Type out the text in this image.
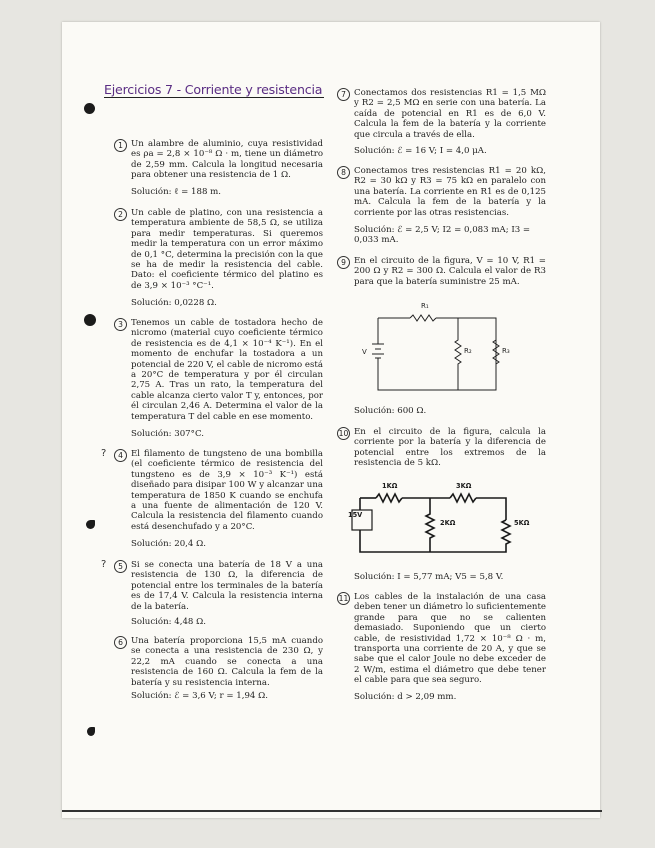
Ejercicios 7 - Corriente y resistencia
?
?
1 Un alambre de aluminio, cuya resistividad es ρa = 2,8 × 10⁻⁸ Ω · m, tiene un diámetro de 2,59 mm. Calcula la longitud necesaria para obtener una resistencia de 1 Ω.
Solución: ℓ = 188 m.
2 Un cable de platino, con una resistencia a temperatura ambiente de 58,5 Ω, se utiliza para medir temperaturas. Si queremos medir la temperatura con un error máximo de 0,1 °C, determina la precisión con la que se ha de medir la resistencia del cable. Dato: el coeficiente térmico del platino es de 3,9 × 10⁻³ °C⁻¹.
Solución: 0,0228 Ω.
3 Tenemos un cable de tostadora hecho de nicromo (material cuyo coeficiente térmico de resistencia es de 4,1 × 10⁻⁴ K⁻¹). En el momento de enchufar la tostadora a un potencial de 220 V, el cable de nicromo está a 20°C de temperatura y por él circulan 2,75 A. Tras un rato, la temperatura del cable alcanza cierto valor T y, entonces, por él circulan 2,46 A. Determina el valor de la temperatura T del cable en ese momento.
Solución: 307°C.
4 El filamento de tungsteno de una bombilla (el coeficiente térmico de resistencia del tungsteno es de 3,9 × 10⁻³ K⁻¹) está diseñado para disipar 100 W y alcanzar una temperatura de 1850 K cuando se enchufa a una fuente de alimentación de 120 V. Calcula la resistencia del filamento cuando está desenchufado y a 20°C.
Solución: 20,4 Ω.
5 Si se conecta una batería de 18 V a una resistencia de 130 Ω, la diferencia de potencial entre los terminales de la batería es de 17,4 V. Calcula la resistencia interna de la batería.
Solución: 4,48 Ω.
6 Una batería proporciona 15,5 mA cuando se conecta a una resistencia de 230 Ω, y 22,2 mA cuando se conecta a una resistencia de 160 Ω. Calcula la fem de la batería y su resistencia interna.
Solución: ℰ = 3,6 V; r = 1,94 Ω.
7 Conectamos dos resistencias R1 = 1,5 MΩ y R2 = 2,5 MΩ en serie con una batería. La caída de potencial en R1 es de 6,0 V. Calcula la fem de la batería y la corriente que circula a través de ella.
Solución: ℰ = 16 V; I = 4,0 μA.
8 Conectamos tres resistencias R1 = 20 kΩ, R2 = 30 kΩ y R3 = 75 kΩ en paralelo con una batería. La corriente en R1 es de 0,125 mA. Calcula la fem de la batería y la corriente por las otras resistencias.
Solución: ℰ = 2,5 V; I2 = 0,083 mA; I3 = 0,033 mA.
9 En el circuito de la figura, V = 10 V, R1 = 200 Ω y R2 = 300 Ω. Calcula el valor de R3 para que la batería suministre 25 mA.
R₁
R₂	R₃
V
Solución: 600 Ω.
10 En el circuito de la figura, calcula la corriente por la batería y la diferencia de potencial entre los extremos de la resistencia de 5 kΩ.
15V
1KΩ	3KΩ
2KΩ	5KΩ
Solución: I = 5,77 mA; V5 = 5,8 V.
11 Los cables de la instalación de una casa deben tener un diámetro lo suficientemente grande para que no se calienten demasiado. Suponiendo que un cierto cable, de resistividad 1,72 × 10⁻⁸ Ω · m, transporta una corriente de 20 A, y que se sabe que el calor Joule no debe exceder de 2 W/m, estima el diámetro que debe tener el cable para que sea seguro.
Solución: d > 2,09 mm.
